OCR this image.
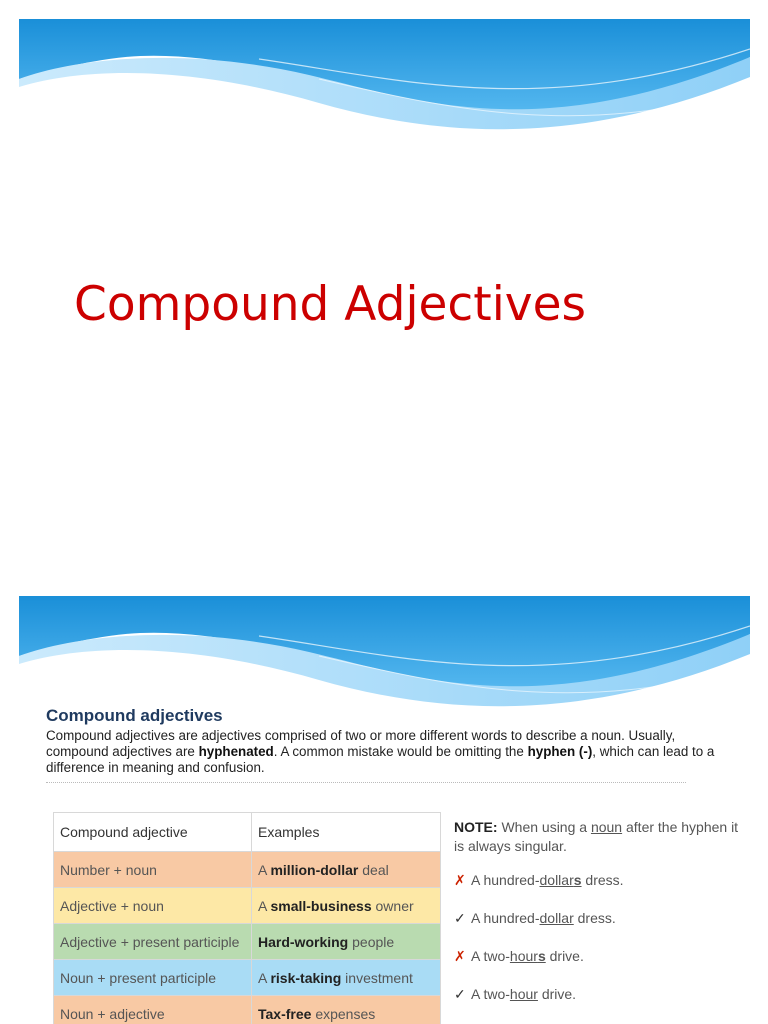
Compound Adjectives
Compound adjectives

Compound adjectives are adjectives comprised of two or more different words to describe a noun. Usually, compound adjectives are hyphenated. A common mistake would be omitting the hyphen (-), which can lead to a difference in meaning and confusion.

Compound adjective	Examples
Number + noun	A million-dollar deal
Adjective + noun	A small-business owner
Adjective + present participle	Hard-working people
Noun + present participle	A risk-taking investment
Noun + adjective	Tax-free expenses

NOTE: When using a noun after the hyphen it is always singular.

✗ A hundred-dollars dress.

✓ A hundred-dollar dress.

✗ A two-hours drive.

✓ A two-hour drive.
